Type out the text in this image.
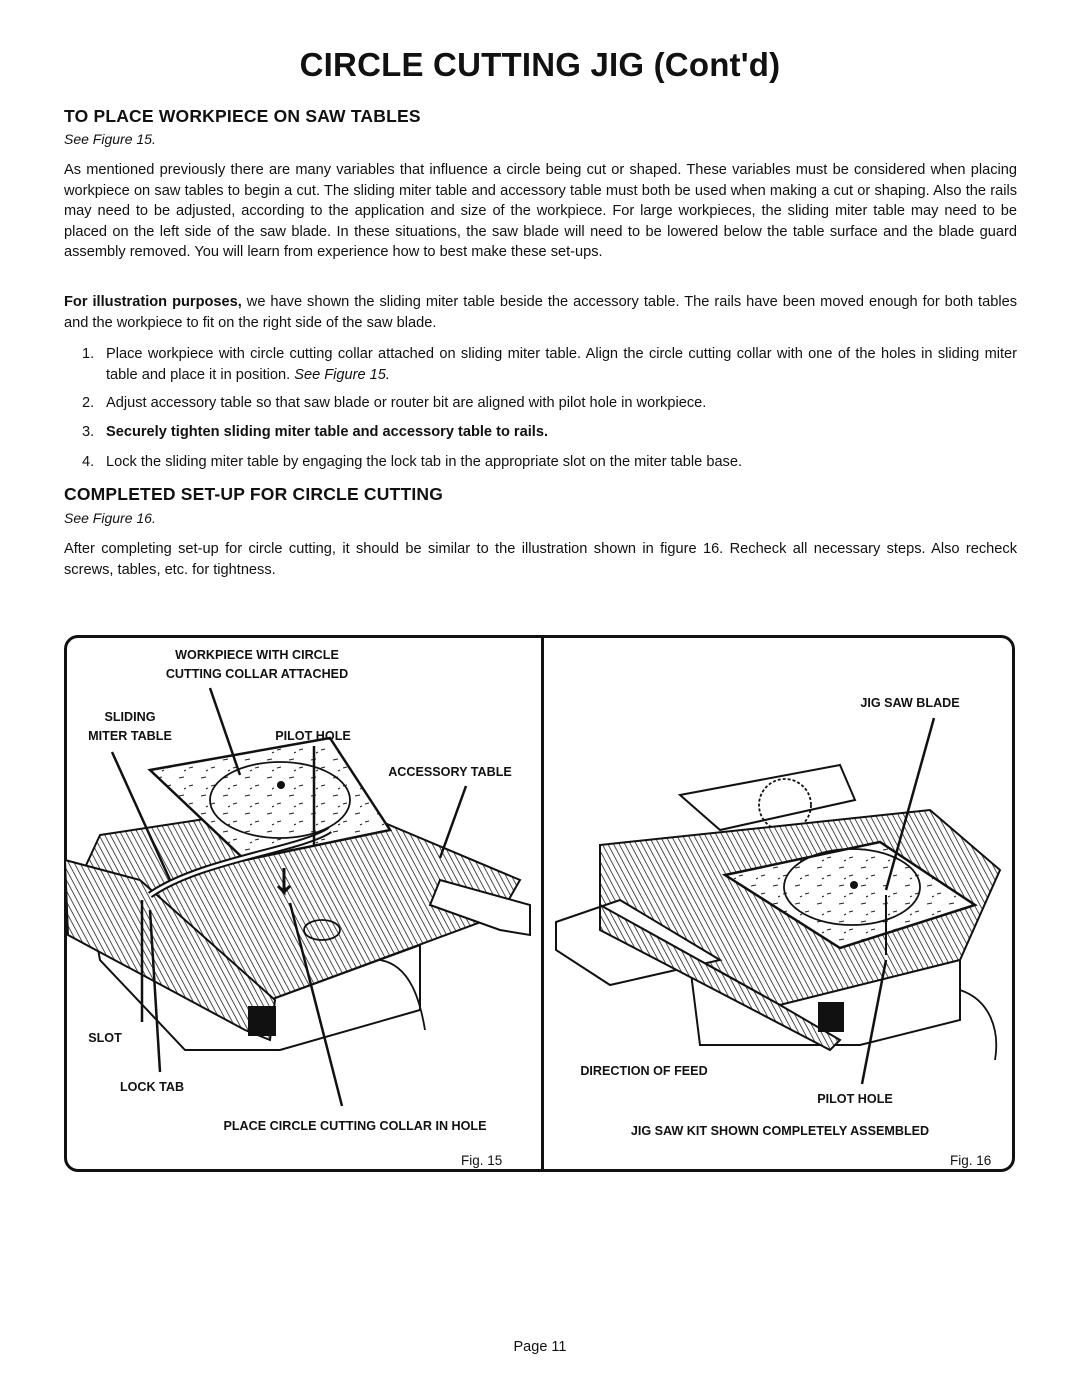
CIRCLE CUTTING JIG (Cont'd)
TO PLACE WORKPIECE ON SAW TABLES

See Figure 15.

As mentioned previously there are many variables that influence a circle being cut or shaped. These variables must be considered when placing workpiece on saw tables to begin a cut. The sliding miter table and accessory table must both be used when making a cut or shaping. Also the rails may need to be adjusted, according to the application and size of the workpiece. For large workpieces, the sliding miter table may need to be placed on the left side of the saw blade. In these situations, the saw blade will need to be lowered below the table surface and the blade guard assembly removed. You will learn from experience how to best make these set-ups.

For illustration purposes, we have shown the sliding miter table beside the accessory table. The rails have been moved enough for both tables and the workpiece to fit on the right side of the saw blade.

1. Place workpiece with circle cutting collar attached on sliding miter table. Align the circle cutting collar with one of the holes in sliding miter table and place it in position. See Figure 15.
2. Adjust accessory table so that saw blade or router bit are aligned with pilot hole in workpiece.
3. Securely tighten sliding miter table and accessory table to rails.
4. Lock the sliding miter table by engaging the lock tab in the appropriate slot on the miter table base.
COMPLETED SET-UP FOR CIRCLE CUTTING

See Figure 16.

After completing set-up for circle cutting, it should be similar to the illustration shown in figure 16. Recheck all necessary steps. Also recheck screws, tables, etc. for tightness.

WORKPIECE WITH CIRCLE
CUTTING COLLAR ATTACHED
SLIDING
MITER TABLE	PILOT HOLE
ACCESSORY TABLE
SLOT
LOCK TAB
PLACE CIRCLE CUTTING COLLAR IN HOLE
Fig. 15
JIG SAW BLADE
DIRECTION OF FEED
PILOT HOLE
JIG SAW KIT SHOWN COMPLETELY ASSEMBLED
Fig. 16
Page 11
